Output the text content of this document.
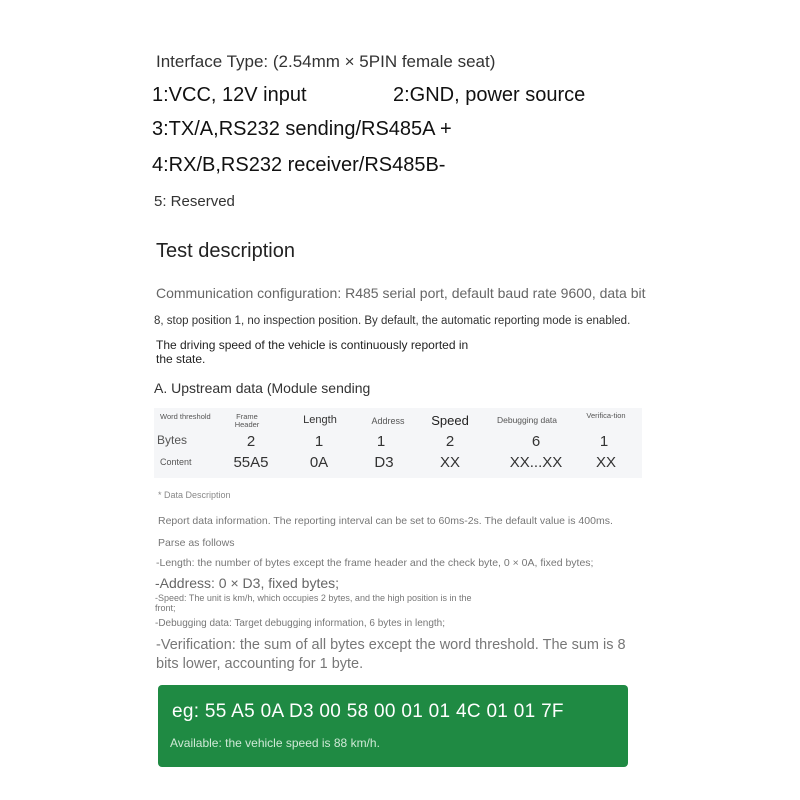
Interface Type: (2.54mm × 5PIN female seat)
1:VCC, 12V input	2:GND, power source
3:TX/A,RS232 sending/RS485A +
4:RX/B,RS232 receiver/RS485B-
5: Reserved
Test description
Communication configuration: R485 serial port, default baud rate 9600, data bit
8, stop position 1, no inspection position. By default, the automatic reporting mode is enabled.
The driving speed of the vehicle is continuously reported in the state.
A. Upstream data (Module sending
Word threshold	Frame Header	Length	Address	Speed	Debugging data	Verifica-tion
Bytes	2	1	1	2	6	1
Content	55A5	0A	D3	XX	XX...XX	XX
* Data Description
Report data information. The reporting interval can be set to 60ms-2s. The default value is 400ms.
Parse as follows
-Length: the number of bytes except the frame header and the check byte, 0 × 0A, fixed bytes;
-Address: 0 × D3, fixed bytes;
-Speed: The unit is km/h, which occupies 2 bytes, and the high position is in the front;
-Debugging data: Target debugging information, 6 bytes in length;
-Verification: the sum of all bytes except the word threshold. The sum is 8 bits lower, accounting for 1 byte.
eg: 55 A5 0A D3 00 58 00 01 01 4C 01 01 7F
Available: the vehicle speed is 88 km/h.
